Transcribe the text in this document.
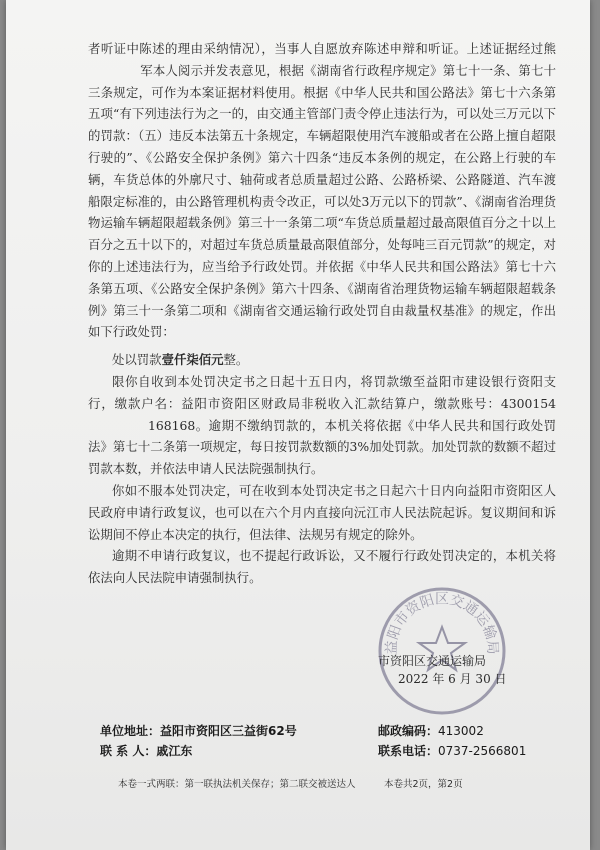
者听证中陈述的理由采纳情况），当事人自愿放弃陈述申辩和听证。上述证据经过熊军本人阅示并发表意见，根据《湖南省行政程序规定》第七十一条、第七十三条规定，可作为本案证据材料使用。根据《中华人民共和国公路法》第七十六条第五项“有下列违法行为之一的，由交通主管部门责令停止违法行为，可以处三万元以下的罚款：（五）违反本法第五十条规定，车辆超限使用汽车渡船或者在公路上擅自超限行驶的”、《公路安全保护条例》第六十四条“违反本条例的规定，在公路上行驶的车辆，车货总体的外廓尺寸、轴荷或者总质量超过公路、公路桥梁、公路隧道、汽车渡船限定标准的，由公路管理机构责令改正，可以处3万元以下的罚款”、《湖南省治理货物运输车辆超限超载条例》第三十一条第二项“车货总质量超过最高限值百分之十以上百分之五十以下的，对超过车货总质量最高限值部分，处每吨三百元罚款”的规定，对你的上述违法行为，应当给予行政处罚。并依据《中华人民共和国公路法》第七十六条第五项、《公路安全保护条例》第六十四条、《湖南省治理货物运输车辆超限超载条例》第三十一条第二项和《湖南省交通运输行政处罚自由裁量权基准》的规定，作出如下行政处罚：

处以罚款壹仟柒佰元整。

限你自收到本处罚决定书之日起十五日内，将罚款缴至益阳市建设银行资阳支行，缴款户名：益阳市资阳区财政局非税收入汇款结算户，缴款账号：4300154168168。逾期不缴纳罚款的，本机关将依据《中华人民共和国行政处罚法》第七十二条第一项规定，每日按罚款数额的3%加处罚款。加处罚款的数额不超过罚款本数，并依法申请人民法院强制执行。

你如不服本处罚决定，可在收到本处罚决定书之日起六十日内向益阳市资阳区人民政府申请行政复议，也可以在六个月内直接向沅江市人民法院起诉。复议期间和诉讼期间不停止本决定的执行，但法律、法规另有规定的除外。

逾期不申请行政复议，也不提起行政诉讼，又不履行行政处罚决定的，本机关将依法向人民法院申请强制执行。

益阳市资阳区交通运输局
市资阳区交通运输局
2022 年 6 月 30 日
单位地址：益阳市资阳区三益街62号	邮政编码：413002
联 系 人：戚江东	联系电话：0737-2566801
本卷一式两联：第一联执法机关保存；第二联交被送达人	本卷共2页，第2页
